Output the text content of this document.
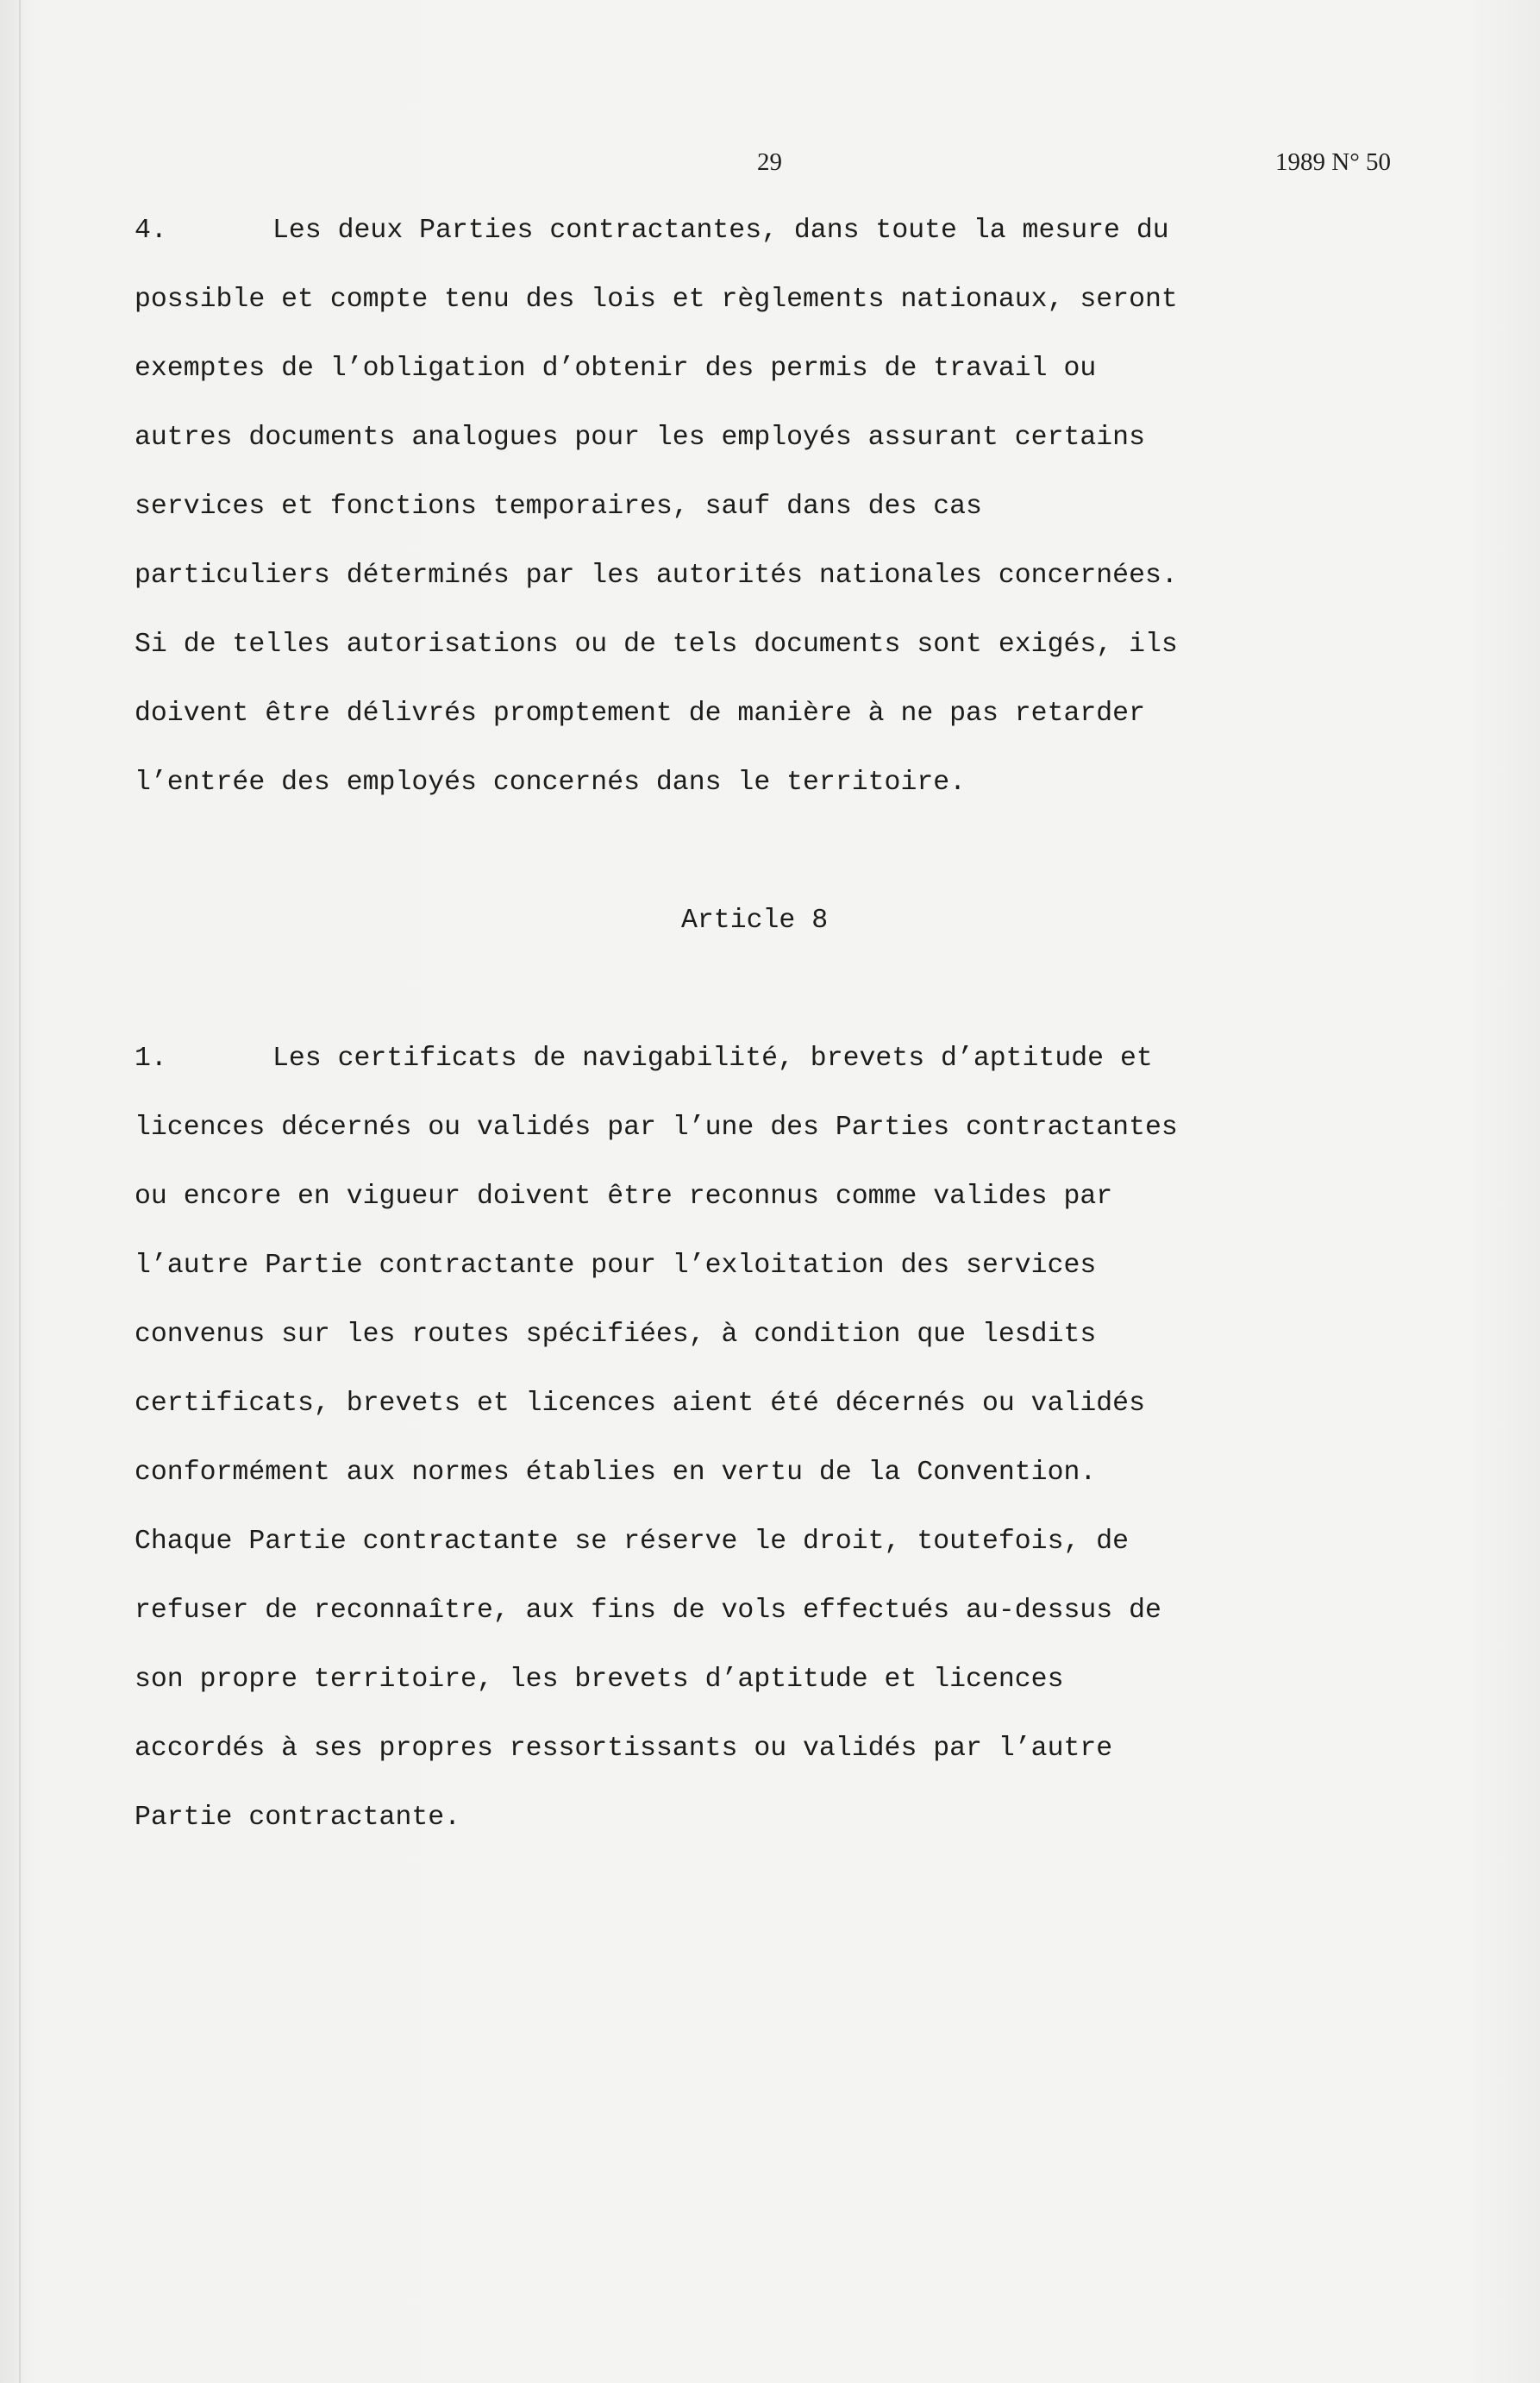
29	1989 N° 50
4.	Les deux Parties contractantes, dans toute la mesure du
possible et compte tenu des lois et règlements nationaux, seront
exemptes de l’obligation d’obtenir des permis de travail ou
autres documents analogues pour les employés assurant certains
services et fonctions temporaires, sauf dans des cas
particuliers déterminés par les autorités nationales concernées.
Si de telles autorisations ou de tels documents sont exigés, ils
doivent être délivrés promptement de manière à ne pas retarder
l’entrée des employés concernés dans le territoire.
Article 8
1.	Les certificats de navigabilité, brevets d’aptitude et
licences décernés ou validés par l’une des Parties contractantes
ou encore en vigueur doivent être reconnus comme valides par
l’autre Partie contractante pour l’exloitation des services
convenus sur les routes spécifiées, à condition que lesdits
certificats, brevets et licences aient été décernés ou validés
conformément aux normes établies en vertu de la Convention.
Chaque Partie contractante se réserve le droit, toutefois, de
refuser de reconnaître, aux fins de vols effectués au-dessus de
son propre territoire, les brevets d’aptitude et licences
accordés à ses propres ressortissants ou validés par l’autre
Partie contractante.
